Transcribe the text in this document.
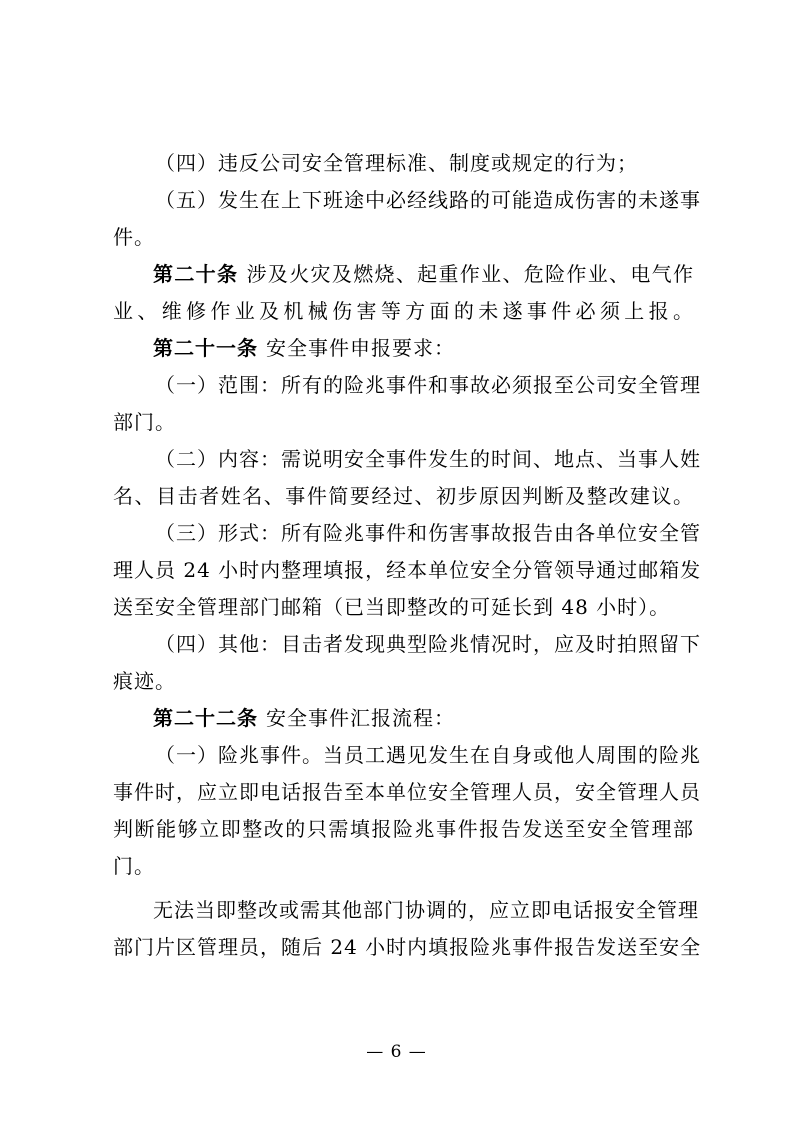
（四）违反公司安全管理标准、制度或规定的行为；
（五）发生在上下班途中必经线路的可能造成伤害的未遂事
件。
第二十条 涉及火灾及燃烧、起重作业、危险作业、电气作
业、维修作业及机械伤害等方面的未遂事件必须上报。
第二十一条 安全事件申报要求：
（一）范围：所有的险兆事件和事故必须报至公司安全管理
部门。
（二）内容：需说明安全事件发生的时间、地点、当事人姓
名、目击者姓名、事件简要经过、初步原因判断及整改建议。
（三）形式：所有险兆事件和伤害事故报告由各单位安全管
理人员 24 小时内整理填报，经本单位安全分管领导通过邮箱发
送至安全管理部门邮箱（已当即整改的可延长到 48 小时）。
（四）其他：目击者发现典型险兆情况时，应及时拍照留下
痕迹。
第二十二条 安全事件汇报流程：
（一）险兆事件。当员工遇见发生在自身或他人周围的险兆
事件时，应立即电话报告至本单位安全管理人员，安全管理人员
判断能够立即整改的只需填报险兆事件报告发送至安全管理部
门。
无法当即整改或需其他部门协调的，应立即电话报安全管理
部门片区管理员，随后 24 小时内填报险兆事件报告发送至安全
— 6 —
